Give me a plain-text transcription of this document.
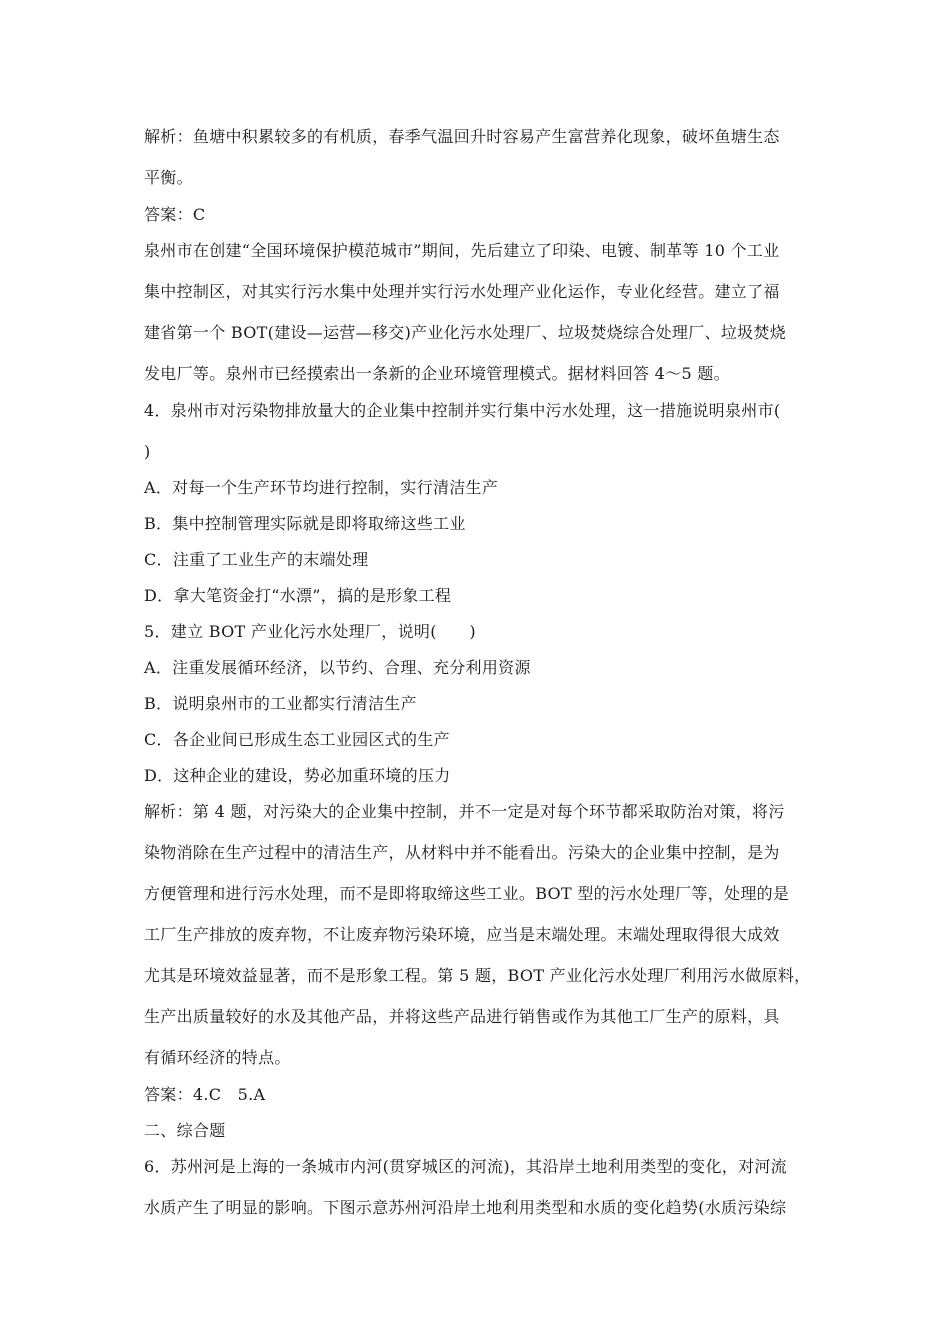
解析：鱼塘中积累较多的有机质，春季气温回升时容易产生富营养化现象，破坏鱼塘生态
平衡。
答案：C
泉州市在创建“全国环境保护模范城市”期间，先后建立了印染、电镀、制革等 10 个工业
集中控制区，对其实行污水集中处理并实行污水处理产业化运作，专业化经营。建立了福
建省第一个 BOT(建设—运营—移交)产业化污水处理厂、垃圾焚烧综合处理厂、垃圾焚烧
发电厂等。泉州市已经摸索出一条新的企业环境管理模式。据材料回答 4～5 题。
4．泉州市对污染物排放量大的企业集中控制并实行集中污水处理，这一措施说明泉州市(
)
A．对每一个生产环节均进行控制，实行清洁生产
B．集中控制管理实际就是即将取缔这些工业
C．注重了工业生产的末端处理
D．拿大笔资金打“水漂”，搞的是形象工程
5．建立 BOT 产业化污水处理厂，说明(　　)
A．注重发展循环经济，以节约、合理、充分利用资源
B．说明泉州市的工业都实行清洁生产
C．各企业间已形成生态工业园区式的生产
D．这种企业的建设，势必加重环境的压力
解析：第 4 题，对污染大的企业集中控制，并不一定是对每个环节都采取防治对策，将污
染物消除在生产过程中的清洁生产，从材料中并不能看出。污染大的企业集中控制，是为
方便管理和进行污水处理，而不是即将取缔这些工业。BOT 型的污水处理厂等，处理的是
工厂生产排放的废弃物，不让废弃物污染环境，应当是末端处理。末端处理取得很大成效
尤其是环境效益显著，而不是形象工程。第 5 题，BOT 产业化污水处理厂利用污水做原料，
生产出质量较好的水及其他产品，并将这些产品进行销售或作为其他工厂生产的原料，具
有循环经济的特点。
答案：4.C　5.A
二、综合题
6．苏州河是上海的一条城市内河(贯穿城区的河流)，其沿岸土地利用类型的变化，对河流
水质产生了明显的影响。下图示意苏州河沿岸土地利用类型和水质的变化趋势(水质污染综
